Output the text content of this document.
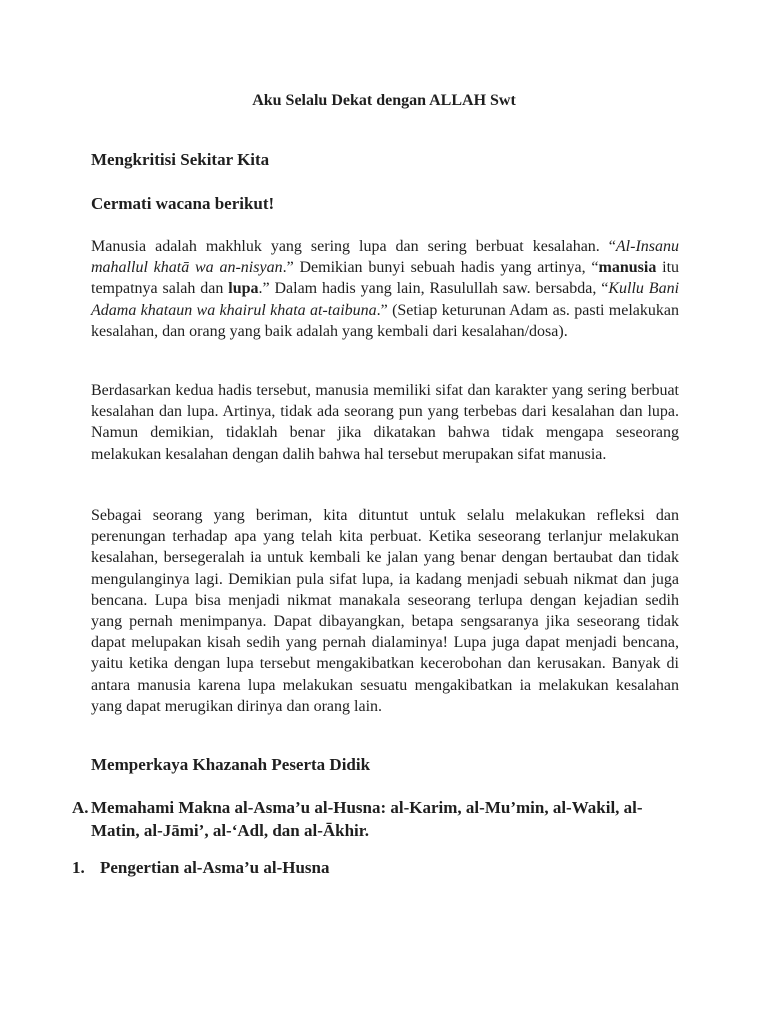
Aku Selalu Dekat dengan ALLAH Swt
Mengkritisi Sekitar Kita
Cermati wacana berikut!

Manusia adalah makhluk yang sering lupa dan sering berbuat kesalahan. “Al-Insanu mahallul khatā wa an-nisyan.” Demikian bunyi sebuah hadis yang artinya, “manusia itu tempatnya salah dan lupa.” Dalam hadis yang lain, Rasulullah saw. bersabda, “Kullu Bani Adama khataun wa khairul khata at-taibuna.” (Setiap keturunan Adam as. pasti melakukan kesalahan, dan orang yang baik adalah yang kembali dari kesalahan/dosa).

Berdasarkan kedua hadis tersebut, manusia memiliki sifat dan karakter yang sering berbuat kesalahan dan lupa. Artinya, tidak ada seorang pun yang terbebas dari kesalahan dan lupa. Namun demikian, tidaklah benar jika dikatakan bahwa tidak mengapa seseorang melakukan kesalahan dengan dalih bahwa hal tersebut merupakan sifat manusia.

Sebagai seorang yang beriman, kita dituntut untuk selalu melakukan refleksi dan perenungan terhadap apa yang telah kita perbuat. Ketika seseorang terlanjur melakukan kesalahan, bersegeralah ia untuk kembali ke jalan yang benar dengan bertaubat dan tidak mengulanginya lagi. Demikian pula sifat lupa, ia kadang menjadi sebuah nikmat dan juga bencana. Lupa bisa menjadi nikmat manakala seseorang terlupa dengan kejadian sedih yang pernah menimpanya. Dapat dibayangkan, betapa sengsaranya jika seseorang tidak dapat melupakan kisah sedih yang pernah dialaminya! Lupa juga dapat menjadi bencana, yaitu ketika dengan lupa tersebut mengakibatkan kecerobohan dan kerusakan. Banyak di antara manusia karena lupa melakukan sesuatu mengakibatkan ia melakukan kesalahan yang dapat merugikan dirinya dan orang lain.

Memperkaya Khazanah Peserta Didik
A. Memahami Makna al-Asma’u al-Husna: al-Karim, al-Mu’min, al-Wakil, al-Matin, al-Jāmi’, al-‘Adl, dan al-Ākhir.
1. Pengertian al-Asma’u al-Husna
